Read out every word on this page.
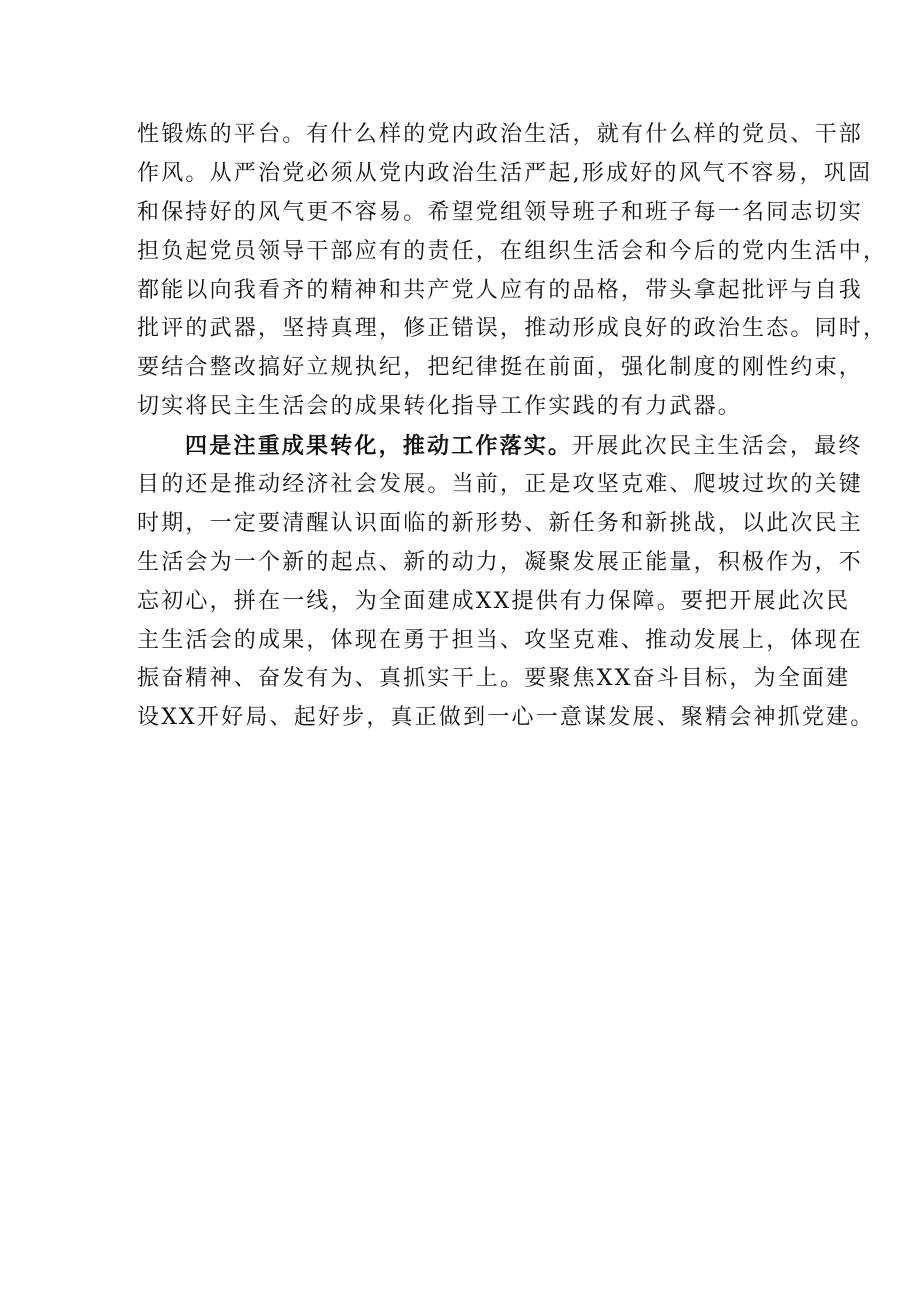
性锻炼的平台。有什么样的党内政治生活，就有什么样的党员、干部
作风。从严治党必须从党内政治生活严起,形成好的风气不容易，巩固
和保持好的风气更不容易。希望党组领导班子和班子每一名同志切实
担负起党员领导干部应有的责任，在组织生活会和今后的党内生活中，
都能以向我看齐的精神和共产党人应有的品格，带头拿起批评与自我
批评的武器，坚持真理，修正错误，推动形成良好的政治生态。同时，
要结合整改搞好立规执纪，把纪律挺在前面，强化制度的刚性约束，
切实将民主生活会的成果转化指导工作实践的有力武器。
四是注重成果转化，推动工作落实。开展此次民主生活会，最终
目的还是推动经济社会发展。当前，正是攻坚克难、爬坡过坎的关键
时期，一定要清醒认识面临的新形势、新任务和新挑战，以此次民主
生活会为一个新的起点、新的动力，凝聚发展正能量，积极作为，不
忘初心，拼在一线，为全面建成XX提供有力保障。要把开展此次民
主生活会的成果，体现在勇于担当、攻坚克难、推动发展上，体现在
振奋精神、奋发有为、真抓实干上。要聚焦XX奋斗目标，为全面建
设XX开好局、起好步，真正做到一心一意谋发展、聚精会神抓党建。
